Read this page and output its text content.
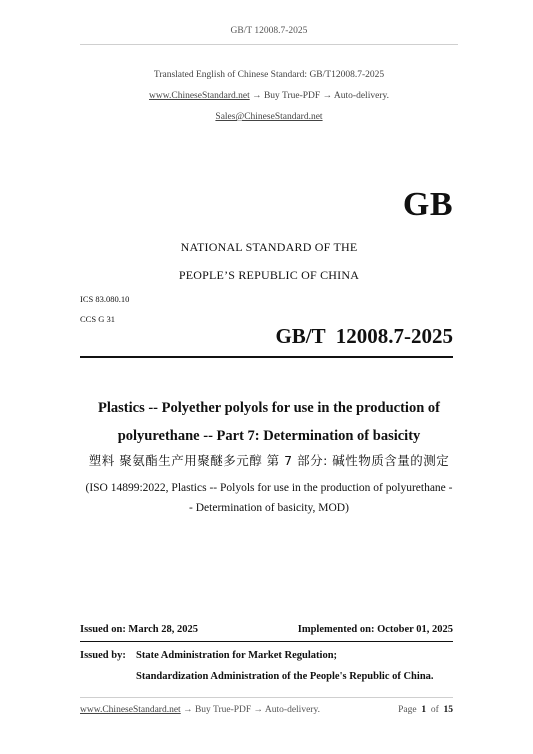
GB/T 12008.7-2025
Translated English of Chinese Standard: GB/T12008.7-2025
www.ChineseStandard.net → Buy True-PDF → Auto-delivery.
Sales@ChineseStandard.net
GB
NATIONAL STANDARD OF THE
PEOPLE’S REPUBLIC OF CHINA
ICS 83.080.10
CCS G 31
GB/T  12008.7-2025
Plastics -- Polyether polyols for use in the production of
polyurethane -- Part 7: Determination of basicity
塑料 聚氨酯生产用聚醚多元醇 第 7 部分: 碱性物质含量的测定
(ISO 14899:2022, Plastics -- Polyols for use in the production of polyurethane -
- Determination of basicity, MOD)
Issued on: March 28, 2025	Implemented on: October 01, 2025
Issued by: State Administration for Market Regulation;
Standardization Administration of the People's Republic of China.
www.ChineseStandard.net → Buy True-PDF → Auto-delivery.	Page 1 of 15
